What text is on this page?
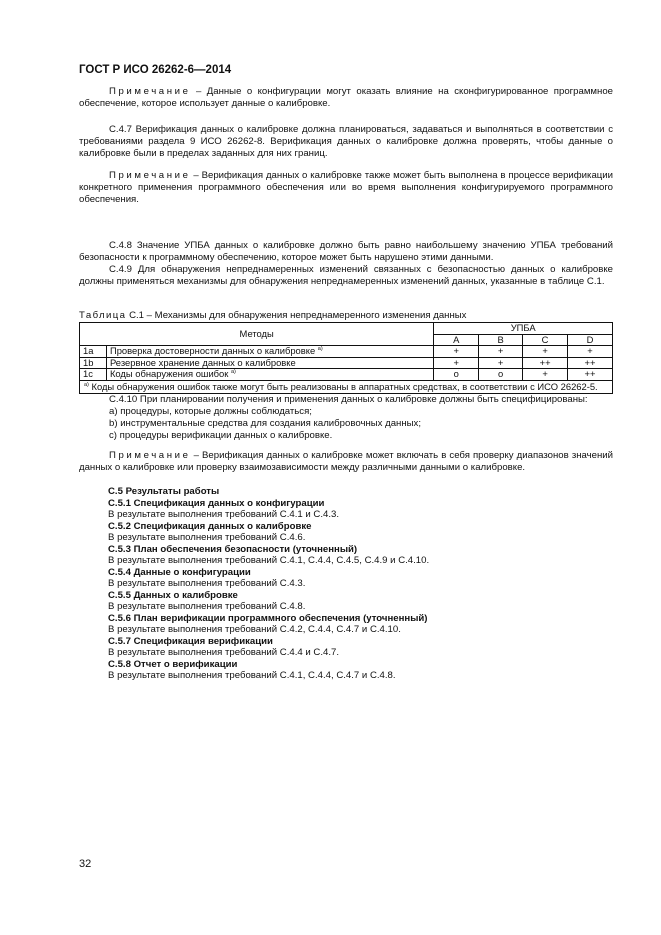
ГОСТ Р ИСО 26262-6—2014

Примечание – Данные о конфигурации могут оказать влияние на сконфигурированное программное обеспечение, которое использует данные о калибровке.

С.4.7 Верификация данных о калибровке должна планироваться, задаваться и выполняться в соответствии с требованиями раздела 9 ИСО 26262-8. Верификация данных о калибровке должна проверять, чтобы данные о калибровке были в пределах заданных для них границ.

Примечание – Верификация данных о калибровке также может быть выполнена в процессе верификации конкретного применения программного обеспечения или во время выполнения конфигурируемого программного обеспечения.

С.4.8 Значение УПБА данных о калибровке должно быть равно наибольшему значению УПБА требований безопасности к программному обеспечению, которое может быть нарушено этими данными.

С.4.9 Для обнаружения непреднамеренных изменений связанных с безопасностью данных о калибровке должны применяться механизмы для обнаружения непреднамеренных изменений данных, указанные в таблице С.1.

Таблица С.1 – Механизмы для обнаружения непреднамеренного изменения данных
Методы		УПБА			
		A	B	C	D
1a	Проверка достоверности данных о калибровке $^{a)}$	+	+	+	+
1b	Резервное хранение данных о калибровке	+	+	++	++
1c	Коды обнаружения ошибок $^{a)}$	o	o	+	++
$^{a)}$ Коды обнаружения ошибок также могут быть реализованы в аппаратных средствах, в соответствии с ИСО 26262-5.					

С.4.10 При планировании получения и применения данных о калибровке должны быть специфицированы:

a) процедуры, которые должны соблюдаться;

b) инструментальные средства для создания калибровочных данных;

c) процедуры верификации данных о калибровке.

Примечание – Верификация данных о калибровке может включать в себя проверку диапазонов значений данных о калибровке или проверку взаимозависимости между различными данными о калибровке.

С.5 Результаты работы
С.5.1 Спецификация данных о конфигурации
В результате выполнения требований С.4.1 и С.4.3.
С.5.2 Спецификация данных о калибровке
В результате выполнения требований С.4.6.
С.5.3 План обеспечения безопасности (уточненный)
В результате выполнения требований С.4.1, С.4.4, С.4.5, С.4.9 и С.4.10.
С.5.4 Данные о конфигурации
В результате выполнения требований С.4.3.
С.5.5 Данных о калибровке
В результате выполнения требований С.4.8.
С.5.6 План верификации программного обеспечения (уточненный)
В результате выполнения требований С.4.2, С.4.4, С.4.7 и С.4.10.
С.5.7 Спецификация верификации
В результате выполнения требований С.4.4 и С.4.7.
С.5.8 Отчет о верификации
В результате выполнения требований С.4.1, С.4.4, С.4.7 и С.4.8.
32
